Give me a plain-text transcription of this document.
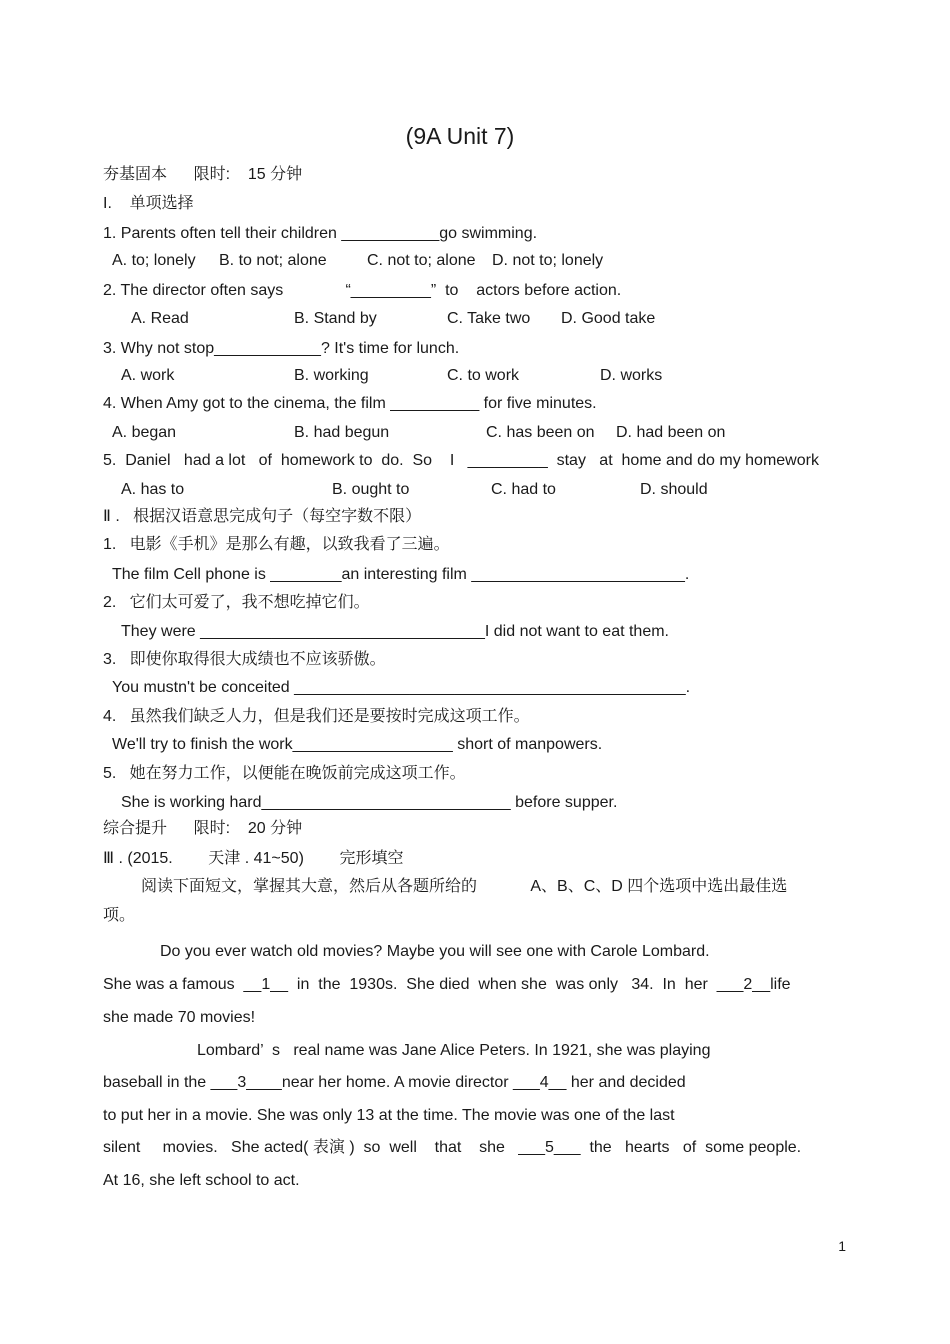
(9A Unit 7)
夯基固本      限时:    15 分钟
I.    单项选择
1. Parents often tell their children ___________go swimming.
A. to; lonely B. to not; alone	C. not to; alone D. not to; lonely
2. The director often says              “_________”  to    actors before action.
A. Read	B. Stand by	C. Take two D. Good take
3. Why not stop____________? It's time for lunch.
A. work	B. working	C. to work	D. works
4. When Amy got to the cinema, the film __________ for five minutes.
A. began	B. had begun	C. has been on D. had been on
5.  Daniel   had a lot   of  homework to  do.  So    I   _________  stay   at  home and do my homework
A. has to	B. ought to	C. had to	D. should
Ⅱ .   根据汉语意思完成句子（每空字数不限）
1.   电影《手机》是那么有趣，以致我看了三遍。
The film Cell phone is ________an interesting film ________________________.
2.   它们太可爱了，我不想吃掉它们。
They were ________________________________I did not want to eat them.
3.   即使你取得很大成绩也不应该骄傲。
You mustn't be conceited ____________________________________________.
4.   虽然我们缺乏人力，但是我们还是要按时完成这项工作。
We'll try to finish the work__________________ short of manpowers.
5.   她在努力工作，以便能在晚饭前完成这项工作。
She is working hard____________________________ before supper.
综合提升      限时:    20 分钟
Ⅲ . (2015.        天津 . 41~50)        完形填空
阅读下面短文，掌握其大意，然后从各题所给的            A、B、C、D 四个选项中选出最佳选
项。
Do you ever watch old movies? Maybe you will see one with Carole Lombard.
She was a famous  __1__  in  the  1930s.  She died  when she  was only   34.  In  her  ___2__life
she made 70 movies!
Lombard’  s   real name was Jane Alice Peters. In 1921, she was playing
baseball in the ___3____near her home. A movie director ___4__ her and decided
to put her in a movie. She was only 13 at the time. The movie was one of the last
silent     movies.   She acted( 表演 )  so  well    that    she   ___5___  the   hearts   of  some people.
At 16, she left school to act.
1
